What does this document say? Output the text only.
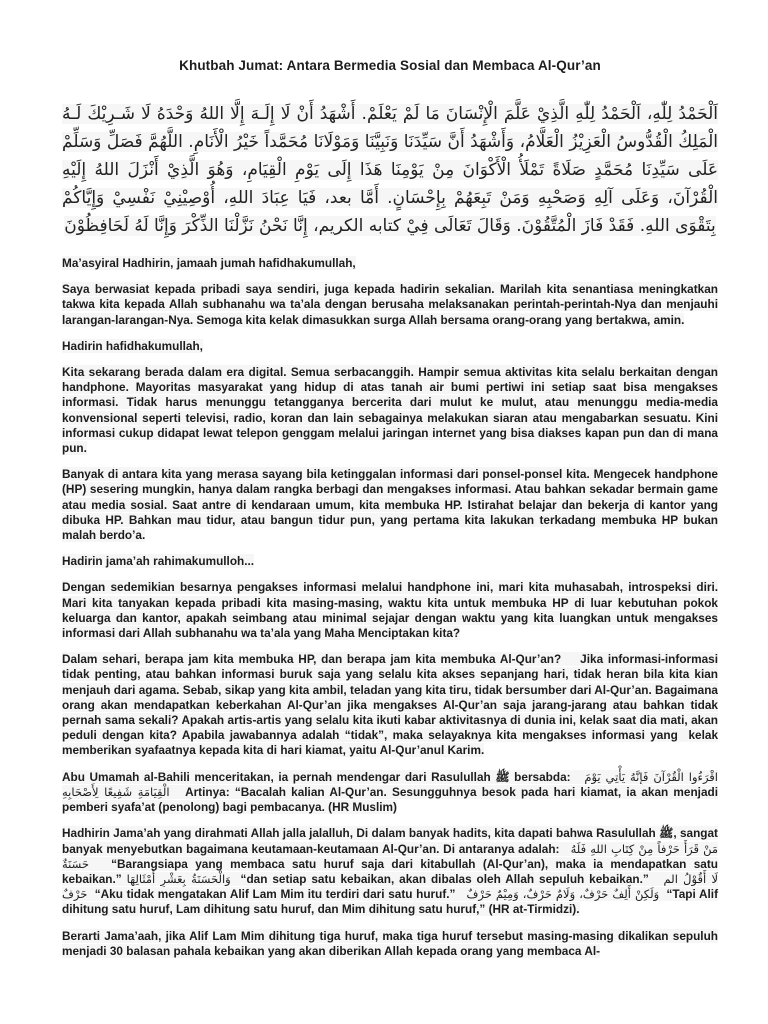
Khutbah Jumat: Antara Bermedia Sosial dan Membaca Al-Qur’an

اَلْحَمْدُ لِلّٰهِ، اَلْحَمْدُ لِلّٰهِ الَّذِيْ عَلَّمَ الْإِنْسَانَ مَا لَمْ يَعْلَمْ. أَشْهَدُ أَنْ لَا إِلَـهَ إِلَّا اللهُ وَحْدَهُ لَا شَـرِيْكَ لَـهُ الْمَلِكُ الْقُدُّوسُ الْعَزِيْزُ الْعَلَّامُ، وَأَشْهَدُ أَنَّ سَيِّدَنَا وَنَبِيَّنَا وَمَوْلَانَا مُحَمَّداً خَيْرُ الْأَنَامِ. اللَّهُمَّ فَصَلِّ وَسَلِّمْ عَلَى سَيِّدِنَا مُحَمَّدٍ صَلَاةً تَمْلَأُ الْأَكْوَانَ مِنْ يَوْمِنَا هَذَا إِلَى يَوْمِ الْقِيَامِ، وَهُوَ الَّذِيْ أَنْزَلَ اللهُ إِلَيْهِ الْقُرْآنَ، وَعَلَى آلِهِ وَصَحْبِهِ وَمَنْ تَبِعَهُمْ بِإِحْسَانٍ. أَمَّا بعد، فَيَا عِبَادَ اللهِ، أُوْصِيْنِيْ نَفْسِيْ وَإِيَّاكُمْ بِتَقْوَى اللهِ. فَقَدْ فَازَ الْمُتَّقُوْنَ. وَقَالَ تَعَالَى فِيْ كتابه الكريم، إِنَّا نَحْنُ نَزَّلْنَا الذِّكْرَ وَإِنَّا لَهُ لَحَافِظُوْنَ

Ma’asyiral Hadhirin, jamaah jumah hafidhakumullah,

Saya berwasiat kepada pribadi saya sendiri, juga kepada hadirin sekalian. Marilah kita senantiasa meningkatkan takwa kita kepada Allah subhanahu wa ta’ala dengan berusaha melaksanakan perintah-perintah-Nya dan menjauhi larangan-larangan-Nya. Semoga kita kelak dimasukkan surga Allah bersama orang-orang yang bertakwa, amin.

Hadirin hafidhakumullah,

Kita sekarang berada dalam era digital. Semua serbacanggih. Hampir semua aktivitas kita selalu berkaitan dengan handphone. Mayoritas masyarakat yang hidup di atas tanah air bumi pertiwi ini setiap saat bisa mengakses informasi. Tidak harus menunggu tetangganya bercerita dari mulut ke mulut, atau menunggu media-media konvensional seperti televisi, radio, koran dan lain sebagainya melakukan siaran atau mengabarkan sesuatu. Kini informasi cukup didapat lewat telepon genggam melalui jaringan internet yang bisa diakses kapan pun dan di mana pun.

Banyak di antara kita yang merasa sayang bila ketinggalan informasi dari ponsel-ponsel kita. Mengecek handphone (HP) sesering mungkin, hanya dalam rangka berbagi dan mengakses informasi. Atau bahkan sekadar bermain game atau media sosial. Saat antre di kendaraan umum, kita membuka HP. Istirahat belajar dan bekerja di kantor yang dibuka HP. Bahkan mau tidur, atau bangun tidur pun, yang pertama kita lakukan terkadang membuka HP bukan malah berdo’a.

Hadirin jama’ah rahimakumulloh...

Dengan sedemikian besarnya pengakses informasi melalui handphone ini, mari kita muhasabah, introspeksi diri. Mari kita tanyakan kepada pribadi kita masing-masing, waktu kita untuk membuka HP di luar kebutuhan pokok keluarga dan kantor, apakah seimbang atau minimal sejajar dengan waktu yang kita luangkan untuk mengakses informasi dari Allah subhanahu wa ta’ala yang Maha Menciptakan kita?

Dalam sehari, berapa jam kita membuka HP, dan berapa jam kita membuka Al-Qur’an?    Jika informasi-informasi tidak penting, atau bahkan informasi buruk saja yang selalu kita akses sepanjang hari, tidak heran bila kita kian menjauh dari agama. Sebab, sikap yang kita ambil, teladan yang kita tiru, tidak bersumber dari Al-Qur’an. Bagaimana orang akan mendapatkan keberkahan Al-Qur’an jika mengakses Al-Qur’an saja jarang-jarang atau bahkan tidak pernah sama sekali? Apakah artis-artis yang selalu kita ikuti kabar aktivitasnya di dunia ini, kelak saat dia mati, akan peduli dengan kita? Apabila jawabannya adalah “tidak”, maka selayaknya kita mengakses informasi yang  kelak memberikan syafaatnya kepada kita di hari kiamat, yaitu Al-Qur’anul Karim.

Abu Umamah al-Bahili menceritakan, ia pernah mendengar dari Rasulullah ﷺ bersabda:   اقْرَءُوا الْقُرْآنَ فَإِنَّهُ يَأْتِي يَوْمَ الْقِيَامَةِ شَفِيعًا لِأَصْحَابِهِ   Artinya: “Bacalah kalian Al-Qur’an. Sesungguhnya besok pada hari kiamat, ia akan menjadi pemberi syafa’at (penolong) bagi pembacanya. (HR Muslim)

Hadhirin Jama’ah yang dirahmati Allah jalla jalalluh, Di dalam banyak hadits, kita dapati bahwa Rasulullah ﷺ, sangat banyak menyebutkan bagaimana keutamaan-keutamaan Al-Qur’an. Di antaranya adalah:   مَنْ قَرَأَ حَرْفاً مِنْ كِتَابِ اللهِ فَلَهُ حَسَنَةٌ   “Barangsiapa yang membaca satu huruf saja dari kitabullah (Al-Qur’an), maka ia mendapatkan satu kebaikan.” وَالْحَسَنَةُ بِعَشْرِ أَمْثَالِهَا  “dan setiap satu kebaikan, akan dibalas oleh Allah sepuluh kebaikan.”   لَا أَقُوْلُ الم حَرْفٌ  “Aku tidak mengatakan Alif Lam Mim itu terdiri dari satu huruf.”   وَلَكِنْ أَلِفٌ حَرْفٌ، وَلَامٌ حَرْفٌ، وَمِيْمٌ حَرْفٌ  “Tapi Alif dihitung satu huruf, Lam dihitung satu huruf, dan Mim dihitung satu huruf,” (HR at-Tirmidzi).

Berarti Jama’aah, jika Alif Lam Mim dihitung tiga huruf, maka tiga huruf tersebut masing-masing dikalikan sepuluh menjadi 30 balasan pahala kebaikan yang akan diberikan Allah kepada orang yang membaca Al-
